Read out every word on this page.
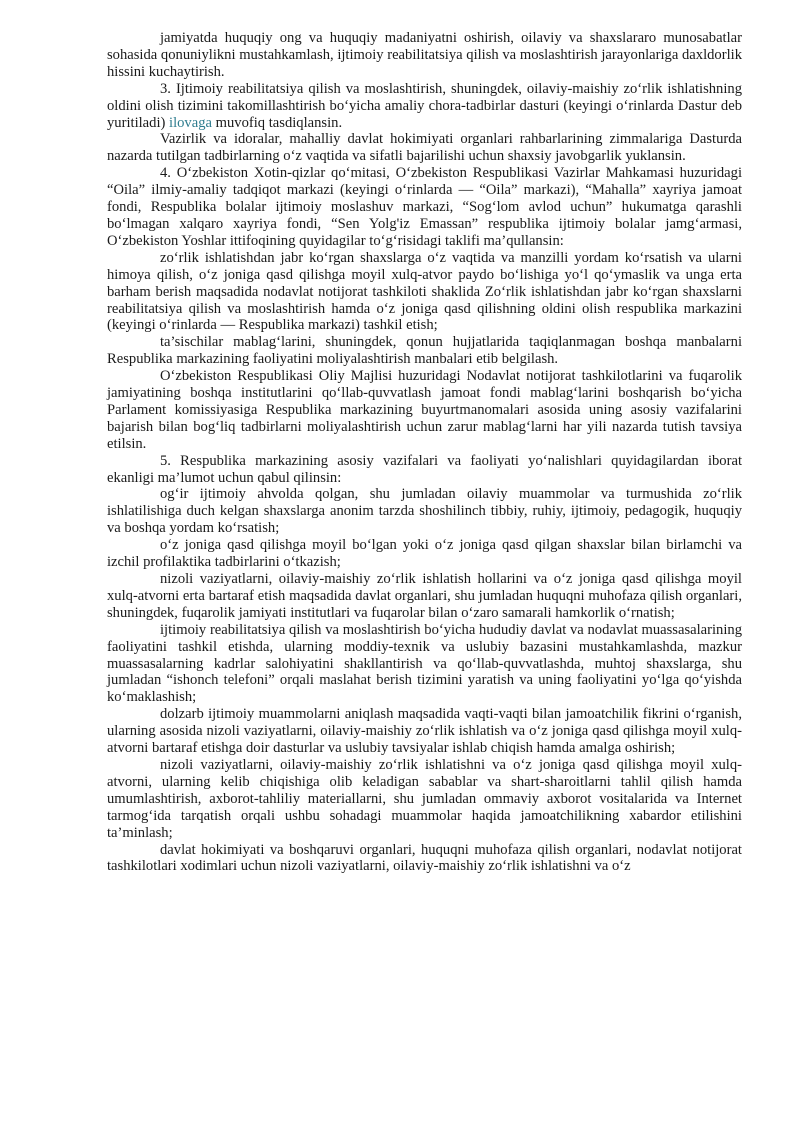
jamiyatda huquqiy ong va huquqiy madaniyatni oshirish, oilaviy va shaxslararo munosabatlar sohasida qonuniylikni mustahkamlash, ijtimoiy reabilitatsiya qilish va moslashtirish jarayonlariga daxldorlik hissini kuchaytirish.

3. Ijtimoiy reabilitatsiya qilish va moslashtirish, shuningdek, oilaviy-maishiy zo‘rlik ishlatishning oldini olish tizimini takomillashtirish bo‘yicha amaliy chora-tadbirlar dasturi (keyingi o‘rinlarda Dastur deb yuritiladi) ilovaga muvofiq tasdiqlansin.

Vazirlik va idoralar, mahalliy davlat hokimiyati organlari rahbarlarining zimmalariga Dasturda nazarda tutilgan tadbirlarning o‘z vaqtida va sifatli bajarilishi uchun shaxsiy javobgarlik yuklansin.

4. O‘zbekiston Xotin-qizlar qo‘mitasi, O‘zbekiston Respublikasi Vazirlar Mahkamasi huzuridagi “Oila” ilmiy-amaliy tadqiqot markazi (keyingi o‘rinlarda — “Oila” markazi), “Mahalla” xayriya jamoat fondi, Respublika bolalar ijtimoiy moslashuv markazi, “Sog‘lom avlod uchun” hukumatga qarashli bo‘lmagan xalqaro xayriya fondi, “Sen Yolg'iz Emassan” respublika ijtimoiy bolalar jamg‘armasi, O‘zbekiston Yoshlar ittifoqining quyidagilar to‘g‘risidagi taklifi ma’qullansin:

zo‘rlik ishlatishdan jabr ko‘rgan shaxslarga o‘z vaqtida va manzilli yordam ko‘rsatish va ularni himoya qilish, o‘z joniga qasd qilishga moyil xulq-atvor paydo bo‘lishiga yo‘l qo‘ymaslik va unga erta barham berish maqsadida nodavlat notijorat tashkiloti shaklida Zo‘rlik ishlatishdan jabr ko‘rgan shaxslarni reabilitatsiya qilish va moslashtirish hamda o‘z joniga qasd qilishning oldini olish respublika markazini (keyingi o‘rinlarda — Respublika markazi) tashkil etish;

ta’sischilar mablag‘larini, shuningdek, qonun hujjatlarida taqiqlanmagan boshqa manbalarni Respublika markazining faoliyatini moliyalashtirish manbalari etib belgilash.

O‘zbekiston Respublikasi Oliy Majlisi huzuridagi Nodavlat notijorat tashkilotlarini va fuqarolik jamiyatining boshqa institutlarini qo‘llab-quvvatlash jamoat fondi mablag‘larini boshqarish bo‘yicha Parlament komissiyasiga Respublika markazining buyurtmanomalari asosida uning asosiy vazifalarini bajarish bilan bog‘liq tadbirlarni moliyalashtirish uchun zarur mablag‘larni har yili nazarda tutish tavsiya etilsin.

5. Respublika markazining asosiy vazifalari va faoliyati yo‘nalishlari quyidagilardan iborat ekanligi ma’lumot uchun qabul qilinsin:

og‘ir ijtimoiy ahvolda qolgan, shu jumladan oilaviy muammolar va turmushida zo‘rlik ishlatilishiga duch kelgan shaxslarga anonim tarzda shoshilinch tibbiy, ruhiy, ijtimoiy, pedagogik, huquqiy va boshqa yordam ko‘rsatish;

o‘z joniga qasd qilishga moyil bo‘lgan yoki o‘z joniga qasd qilgan shaxslar bilan birlamchi va izchil profilaktika tadbirlarini o‘tkazish;

nizoli vaziyatlarni, oilaviy-maishiy zo‘rlik ishlatish hollarini va o‘z joniga qasd qilishga moyil xulq-atvorni erta bartaraf etish maqsadida davlat organlari, shu jumladan huquqni muhofaza qilish organlari, shuningdek, fuqarolik jamiyati institutlari va fuqarolar bilan o‘zaro samarali hamkorlik o‘rnatish;

ijtimoiy reabilitatsiya qilish va moslashtirish bo‘yicha hududiy davlat va nodavlat muassasalarining faoliyatini tashkil etishda, ularning moddiy-texnik va uslubiy bazasini mustahkamlashda, mazkur muassasalarning kadrlar salohiyatini shakllantirish va qo‘llab-quvvatlashda, muhtoj shaxslarga, shu jumladan “ishonch telefoni” orqali maslahat berish tizimini yaratish va uning faoliyatini yo‘lga qo‘yishda ko‘maklashish;

dolzarb ijtimoiy muammolarni aniqlash maqsadida vaqti-vaqti bilan jamoatchilik fikrini o‘rganish, ularning asosida nizoli vaziyatlarni, oilaviy-maishiy zo‘rlik ishlatish va o‘z joniga qasd qilishga moyil xulq-atvorni bartaraf etishga doir dasturlar va uslubiy tavsiyalar ishlab chiqish hamda amalga oshirish;

nizoli vaziyatlarni, oilaviy-maishiy zo‘rlik ishlatishni va o‘z joniga qasd qilishga moyil xulq-atvorni, ularning kelib chiqishiga olib keladigan sabablar va shart-sharoitlarni tahlil qilish hamda umumlashtirish, axborot-tahliliy materiallarni, shu jumladan ommaviy axborot vositalarida va Internet tarmog‘ida tarqatish orqali ushbu sohadagi muammolar haqida jamoatchilikning xabardor etilishini ta’minlash;

davlat hokimiyati va boshqaruvi organlari, huquqni muhofaza qilish organlari, nodavlat notijorat tashkilotlari xodimlari uchun nizoli vaziyatlarni, oilaviy-maishiy zo‘rlik ishlatishni va o‘z
